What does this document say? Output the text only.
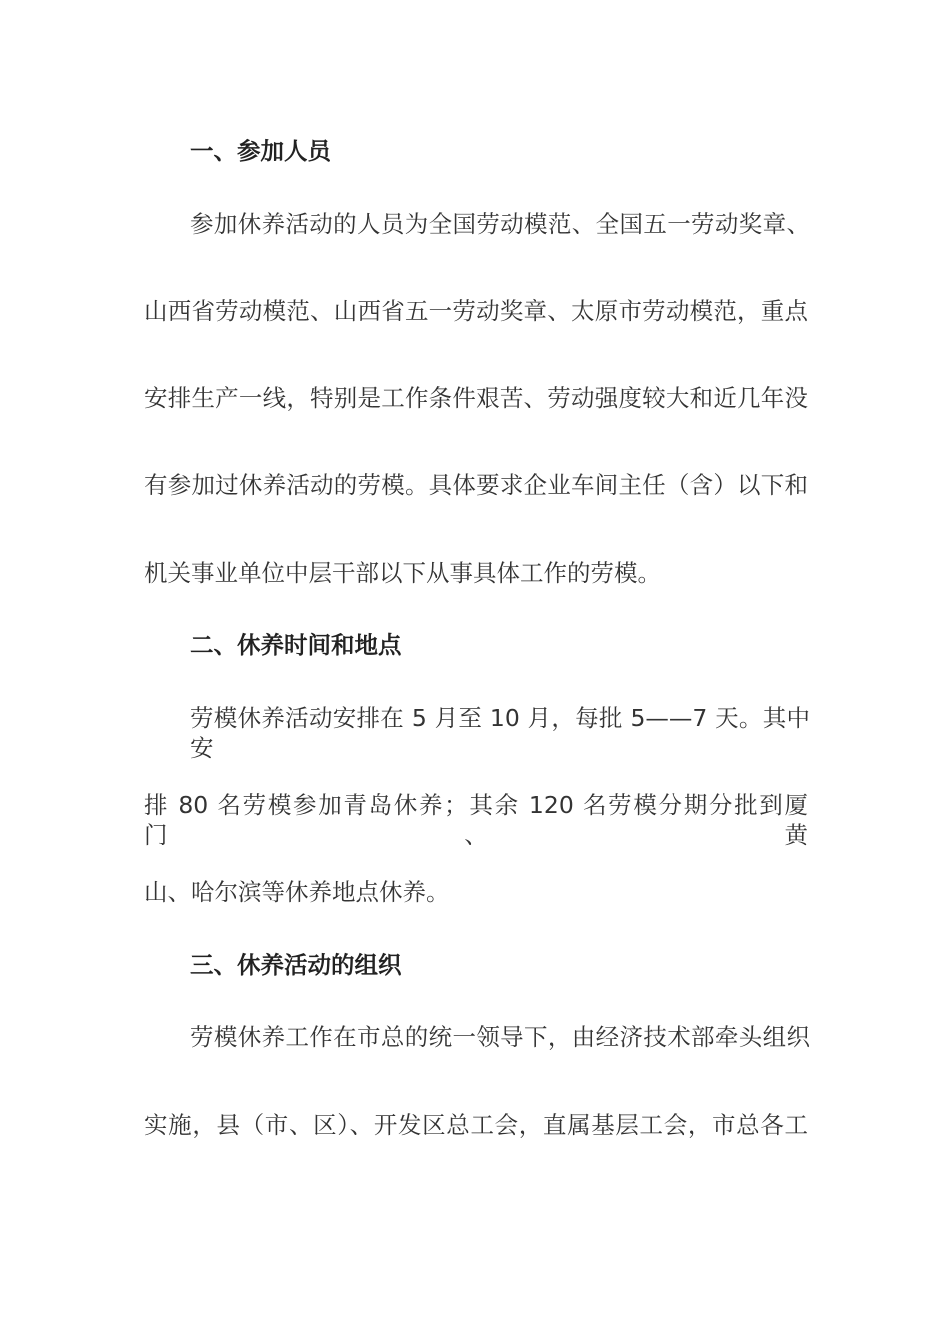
一、参加人员

参加休养活动的人员为全国劳动模范、全国五一劳动奖章、

山西省劳动模范、山西省五一劳动奖章、太原市劳动模范，重点

安排生产一线，特别是工作条件艰苦、劳动强度较大和近几年没

有参加过休养活动的劳模。具体要求企业车间主任（含）以下和

机关事业单位中层干部以下从事具体工作的劳模。

二、休养时间和地点

劳模休养活动安排在 5 月至 10 月，每批 5——7 天。其中安

排 80 名劳模参加青岛休养；其余 120 名劳模分期分批到厦门、黄

山、哈尔滨等休养地点休养。

三、休养活动的组织

劳模休养工作在市总的统一领导下，由经济技术部牵头组织

实施，县（市、区）、开发区总工会，直属基层工会，市总各工
